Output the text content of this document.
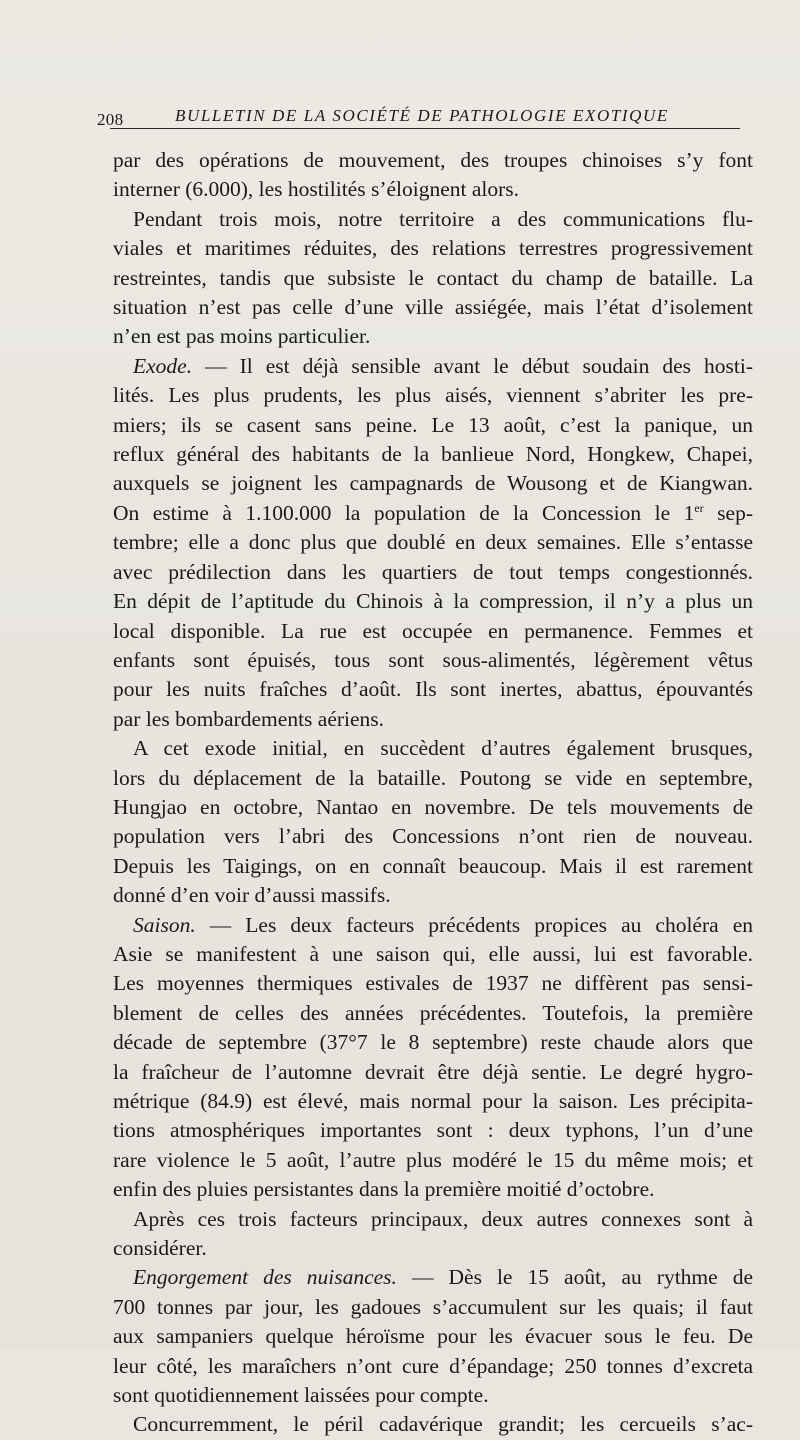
208	BULLETIN DE LA SOCIÉTÉ DE PATHOLOGIE EXOTIQUE
par des opérations de mouvement, des troupes chinoises s’y font
interner (6.000), les hostilités s’éloignent alors.
Pendant trois mois, notre territoire a des communications flu-
viales et maritimes réduites, des relations terrestres progressivement
restreintes, tandis que subsiste le contact du champ de bataille. La
situation n’est pas celle d’une ville assiégée, mais l’état d’isolement
n’en est pas moins particulier.
Exode. — Il est déjà sensible avant le début soudain des hosti-
lités. Les plus prudents, les plus aisés, viennent s’abriter les pre-
miers; ils se casent sans peine. Le 13 août, c’est la panique, un
reflux général des habitants de la banlieue Nord, Hongkew, Chapei,
auxquels se joignent les campagnards de Wousong et de Kiangwan.
On estime à 1.100.000 la population de la Concession le 1er sep-
tembre; elle a donc plus que doublé en deux semaines. Elle s’entasse
avec prédilection dans les quartiers de tout temps congestionnés.
En dépit de l’aptitude du Chinois à la compression, il n’y a plus un
local disponible. La rue est occupée en permanence. Femmes et
enfants sont épuisés, tous sont sous-alimentés, légèrement vêtus
pour les nuits fraîches d’août. Ils sont inertes, abattus, épouvantés
par les bombardements aériens.
A cet exode initial, en succèdent d’autres également brusques,
lors du déplacement de la bataille. Poutong se vide en septembre,
Hungjao en octobre, Nantao en novembre. De tels mouvements de
population vers l’abri des Concessions n’ont rien de nouveau.
Depuis les Taigings, on en connaît beaucoup. Mais il est rarement
donné d’en voir d’aussi massifs.
Saison. — Les deux facteurs précédents propices au choléra en
Asie se manifestent à une saison qui, elle aussi, lui est favorable.
Les moyennes thermiques estivales de 1937 ne diffèrent pas sensi-
blement de celles des années précédentes. Toutefois, la première
décade de septembre (37°7 le 8 septembre) reste chaude alors que
la fraîcheur de l’automne devrait être déjà sentie. Le degré hygro-
métrique (84.9) est élevé, mais normal pour la saison. Les précipita-
tions atmosphériques importantes sont : deux typhons, l’un d’une
rare violence le 5 août, l’autre plus modéré le 15 du même mois; et
enfin des pluies persistantes dans la première moitié d’octobre.
Après ces trois facteurs principaux, deux autres connexes sont à
considérer.
Engorgement des nuisances. — Dès le 15 août, au rythme de
700 tonnes par jour, les gadoues s’accumulent sur les quais; il faut
aux sampaniers quelque héroïsme pour les évacuer sous le feu. De
leur côté, les maraîchers n’ont cure d’épandage; 250 tonnes d’excreta
sont quotidiennement laissées pour compte.
Concurremment, le péril cadavérique grandit; les cercueils s’ac-
